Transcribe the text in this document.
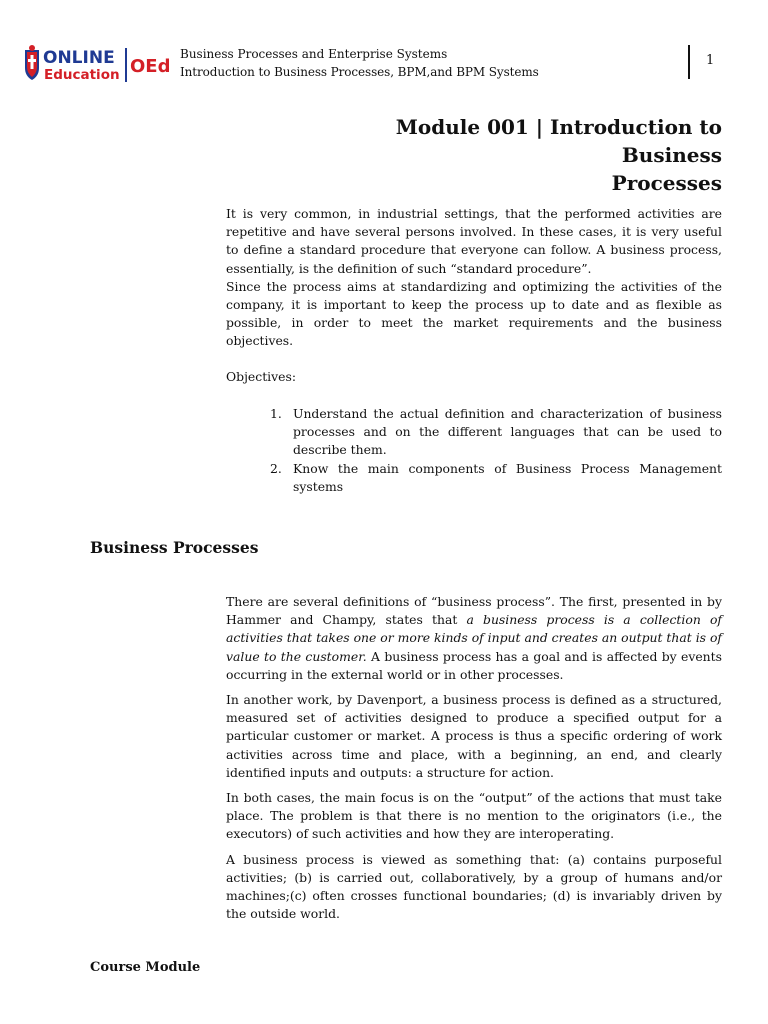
ONLINE
Education OEd
Business Processes and Enterprise Systems
Introduction to Business Processes, BPM,and BPM Systems
1
Module 001 | Introduction to Business
Processes

It is very common, in industrial settings, that the performed activities are repetitive and have several persons involved. In these cases, it is very useful to define a standard procedure that everyone can follow. A business process, essentially, is the definition of such “standard procedure”.

Since the process aims at standardizing and optimizing the activities of the company, it is important to keep the process up to date and as flexible as possible, in order to meet the market requirements and the business objectives.

Objectives:
1. Understand the actual definition and characterization of business processes and on the different languages that can be used to describe them.
2. Know the main components of Business Process Management systems
Business Processes

There are several definitions of “business process”. The first, presented in by Hammer and Champy, states that a business process is a collection of activities that takes one or more kinds of input and creates an output that is of value to the customer. A business process has a goal and is affected by events occurring in the external world or in other processes.

In another work, by Davenport, a business process is defined as a structured, measured set of activities designed to produce a specified output for a particular customer or market. A process is thus a specific ordering of work activities across time and place, with a beginning, an end, and clearly identified inputs and outputs: a structure for action.

In both cases, the main focus is on the “output” of the actions that must take place. The problem is that there is no mention to the originators (i.e., the executors) of such activities and how they are interoperating.

A business process is viewed as something that: (a) contains purposeful activities; (b) is carried out, collaboratively, by a group of humans and/or machines;(c) often crosses functional boundaries; (d) is invariably driven by the outside world.

Course Module
